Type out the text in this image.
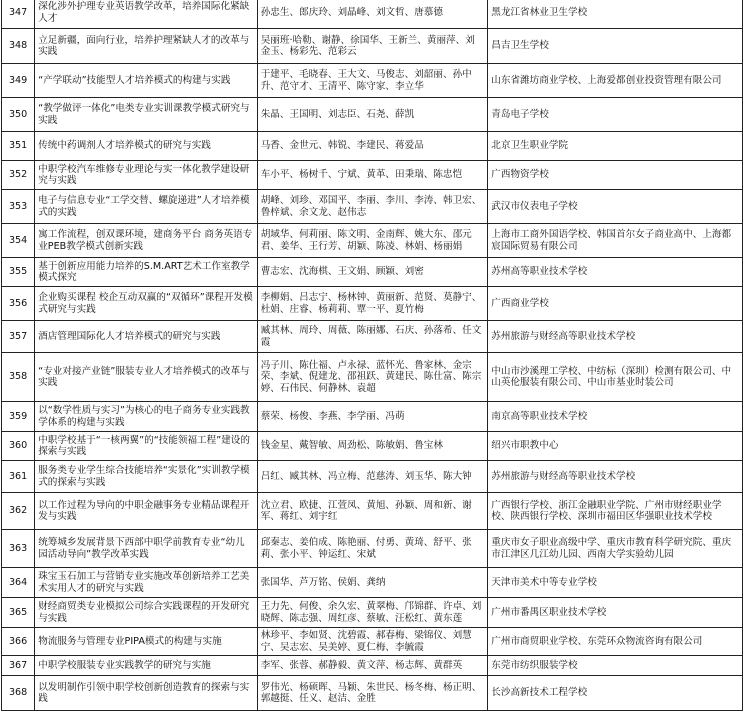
347	深化涉外护理专业英语教学改革，培养国际化紧缺人才	孙忠生、郎庆玲、刘晶峰、刘文哲、唐慕德	黑龙江省林业卫生学校
348	立足新疆，面向行业，培养护理紧缺人才的改革与实践	吴丽班·哈勒、谢静、徐国华、王新兰、黄丽萍、刘金玉、杨彩先、范彩云	昌吉卫生学校
349	“产学联动”技能型人才培养模式的构建与实践	于建平、毛晓春、王大文、马俊志、刘韶丽、孙中升、范守才、王清平、陈守家、李立华	山东省潍坊商业学校、上海爱都创业投资管理有限公司
350	“教学做评一体化”电类专业实训课教学模式研究与实践	朱晶、王国明、刘志臣、石尧、薛凯	青岛电子学校
351	传统中药调剂人才培养模式的研究与实践	马香、金世元、韩锐、李建民、蒋爱品	北京卫生职业学院
352	中职学校汽车维修专业理论与实一体化教学建设研究与实践	车小平、杨树千、宁斌、黄革、田秉瑞、陈忠恺	广西物资学校
353	电子与信息专业“工学交替、螺旋递进”人才培养模式的实践	胡峰、刘珍、邓国平、李丽、李川、李涛、韩卫宏、鲁梓斌、余文龙、赵伟志	武汉市仪表电子学校
354	寓工作流程，创双课环境，建商务平台 商务英语专业PEB教学模式创新实践	胡域华、何莉丽、陈文明、金南辉、姚大东、邵元君、姜华、王行芳、胡颖、陈凌、林娟、杨丽娟	上海市工商外国语学校、韩国首尔女子商业高中、上海都宸国际贸易有限公司
355	基于创新应用能力培养的S.M.ART艺术工作室教学模式探究	曹志宏、沈海棋、王文娟、顾颖、刘密	苏州高等职业技术学校
356	企业购买课程 校企互动双赢的“双循环”课程开发模式研究与实践	李柳娟、吕志宁、杨林钟、黄丽新、范贤、莫静宁、杜娟、庄睿、杨莉莉、覃一平、夏竹梅	广西商业学校
357	酒店管理国际化人才培养模式的研究与实践	臧其林、周玲、周薇、陈丽娜、石庆、孙落希、任文霞	苏州旅游与财经高等职业技术学校
358	“专业对接产业链”服装专业人才培养模式的改革与实践	冯子川、陈仕福、卢永禄、蓝怀光、鲁家林、金宗荣、李斌、倪建龙、邵祖跃、黄建民、陈仕富、陈宗婷、石伟民、何静林、袁超	中山市沙溪理工学校、中纺标（深圳）检测有限公司、中山英伦服装有限公司、中山市基业时装公司
359	以“数学性质与实习”为核心的电子商务专业实践教学体系的构建与实践	蔡荣、杨俊、李燕、李学丽、冯萌	南京高等职业技术学校
360	中职学校基于“一核两翼”的“技能领福工程”建设的探索与实践	钱金星、戴智敏、周劲松、陈敏娟、鲁宝林	绍兴市职教中心
361	服务类专业学生综合技能培养“实景化”实训教学模式的探索与实践	吕红、臧其林、冯立梅、范慈涛、刘玉华、陈大钟	苏州旅游与财经高等职业技术学校
362	以工作过程为导向的中职金融事务专业精品课程开发与实践	沈立君、欧捷、江萱凤、黄旭、孙颖、周和新、谢军、蒋红、刘宇红	广西银行学校、浙江金融职业学院、广州市财经职业学校、陕西银行学校、深圳市福田区华强职业技术学校
363	统筹城乡发展背景下西部中职学前教育专业“幼儿园活动导向”教学改革实践	邱秦志、姜伯成、陈艳丽、付勇、黄琦、舒平、张莉、张小平、钟运红、宋斌	重庆市女子职业高级中学、重庆市教育科学研究院、重庆市江津区几江幼儿园、西南大学实验幼儿园
364	珠宝玉石加工与营销专业实施改革创新培养工艺美术实用人才的研究与实践	张国华、芦万铭、侯娟、龚纳	天津市美术中等专业学校
365	财经商贸类专业模拟公司综合实践课程的开发研究与实践	王力先、何俊、余久宏、黄翠梅、邝锦群、许卓、刘晓辉、陈志强、周红彦、蔡敏、汪松红、黄东莲	广州市番禺区职业技术学校
366	物流服务与管理专业PIPA模式的构建与实施	林珍平、李如贤、沈碧霞、郝春梅、梁锦仪、刘慧宁、吴志宏、吴美婷、夏仁梅、李毓霞	广州市商贸职业学校、东莞环众物流咨询有限公司
367	中职学校服装专业实践教学的研究与实施	李军、张蓉、郝静毅、黄文萍、杨志辉、黄群英	东莞市纺织服装学校
368	以发明制作引领中职学校创新创造教育的探索与实践	罗伟光、杨硕晖、马颖、朱世民、杨冬梅、杨正明、郭越挺、任义、赵洁、金胜	长沙高新技术工程学校
